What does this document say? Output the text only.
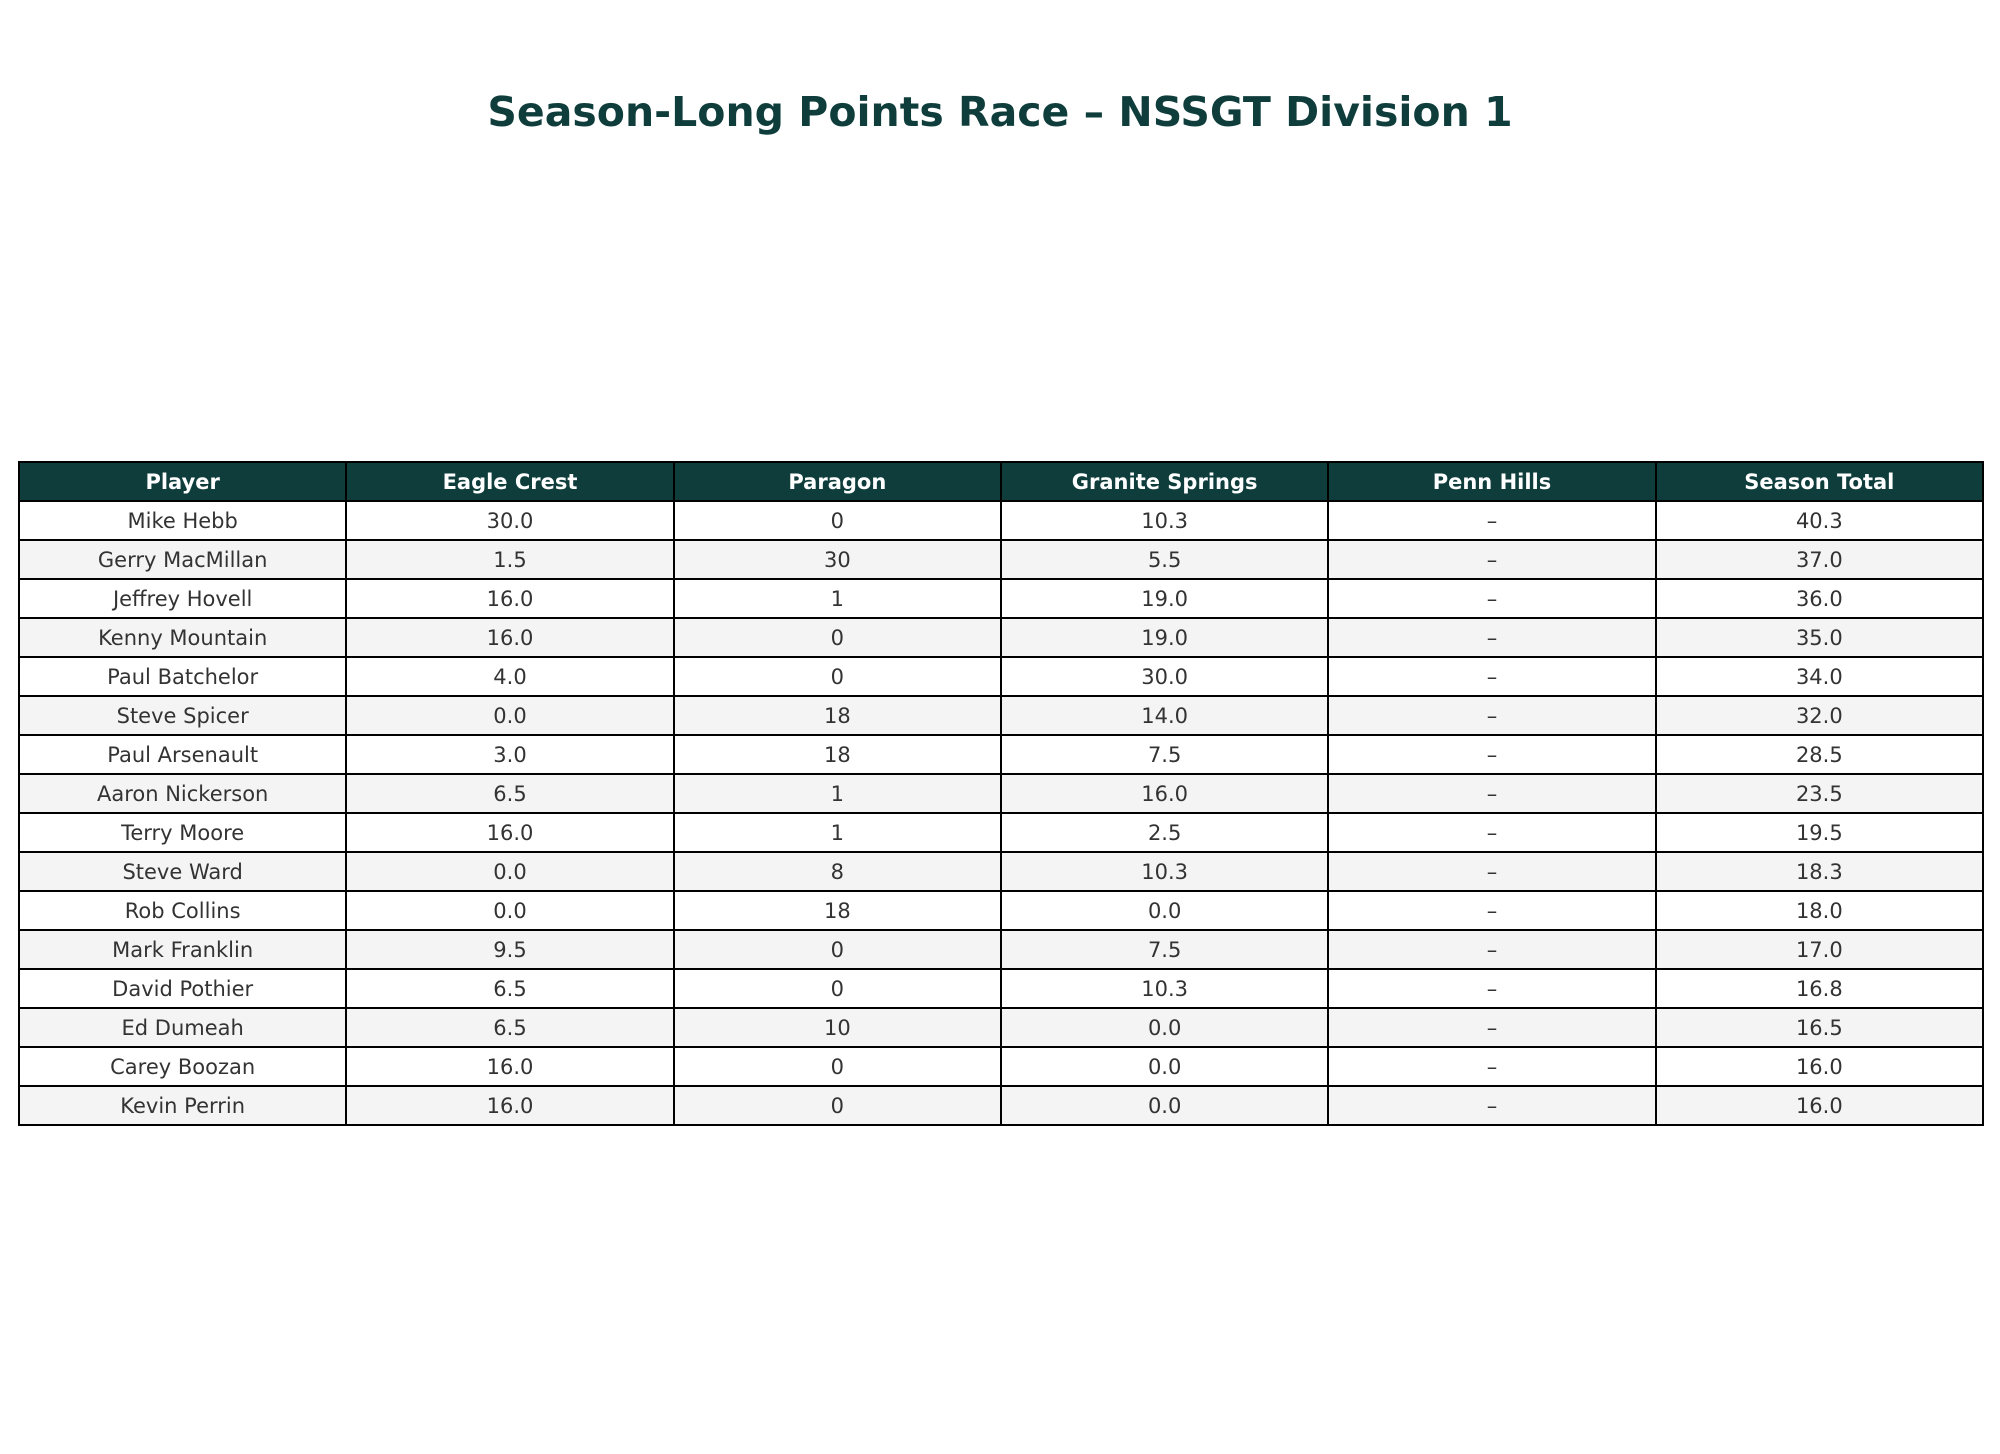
Season-Long Points Race – NSSGT Division 1
Player	Eagle Crest	Paragon	Granite Springs	Penn Hills	Season Total
Mike Hebb	30.0	0	10.3	–	40.3
Gerry MacMillan	1.5	30	5.5	–	37.0
Jeffrey Hovell	16.0	1	19.0	–	36.0
Kenny Mountain	16.0	0	19.0	–	35.0
Paul Batchelor	4.0	0	30.0	–	34.0
Steve Spicer	0.0	18	14.0	–	32.0
Paul Arsenault	3.0	18	7.5	–	28.5
Aaron Nickerson	6.5	1	16.0	–	23.5
Terry Moore	16.0	1	2.5	–	19.5
Steve Ward	0.0	8	10.3	–	18.3
Rob Collins	0.0	18	0.0	–	18.0
Mark Franklin	9.5	0	7.5	–	17.0
David Pothier	6.5	0	10.3	–	16.8
Ed Dumeah	6.5	10	0.0	–	16.5
Carey Boozan	16.0	0	0.0	–	16.0
Kevin Perrin	16.0	0	0.0	–	16.0
